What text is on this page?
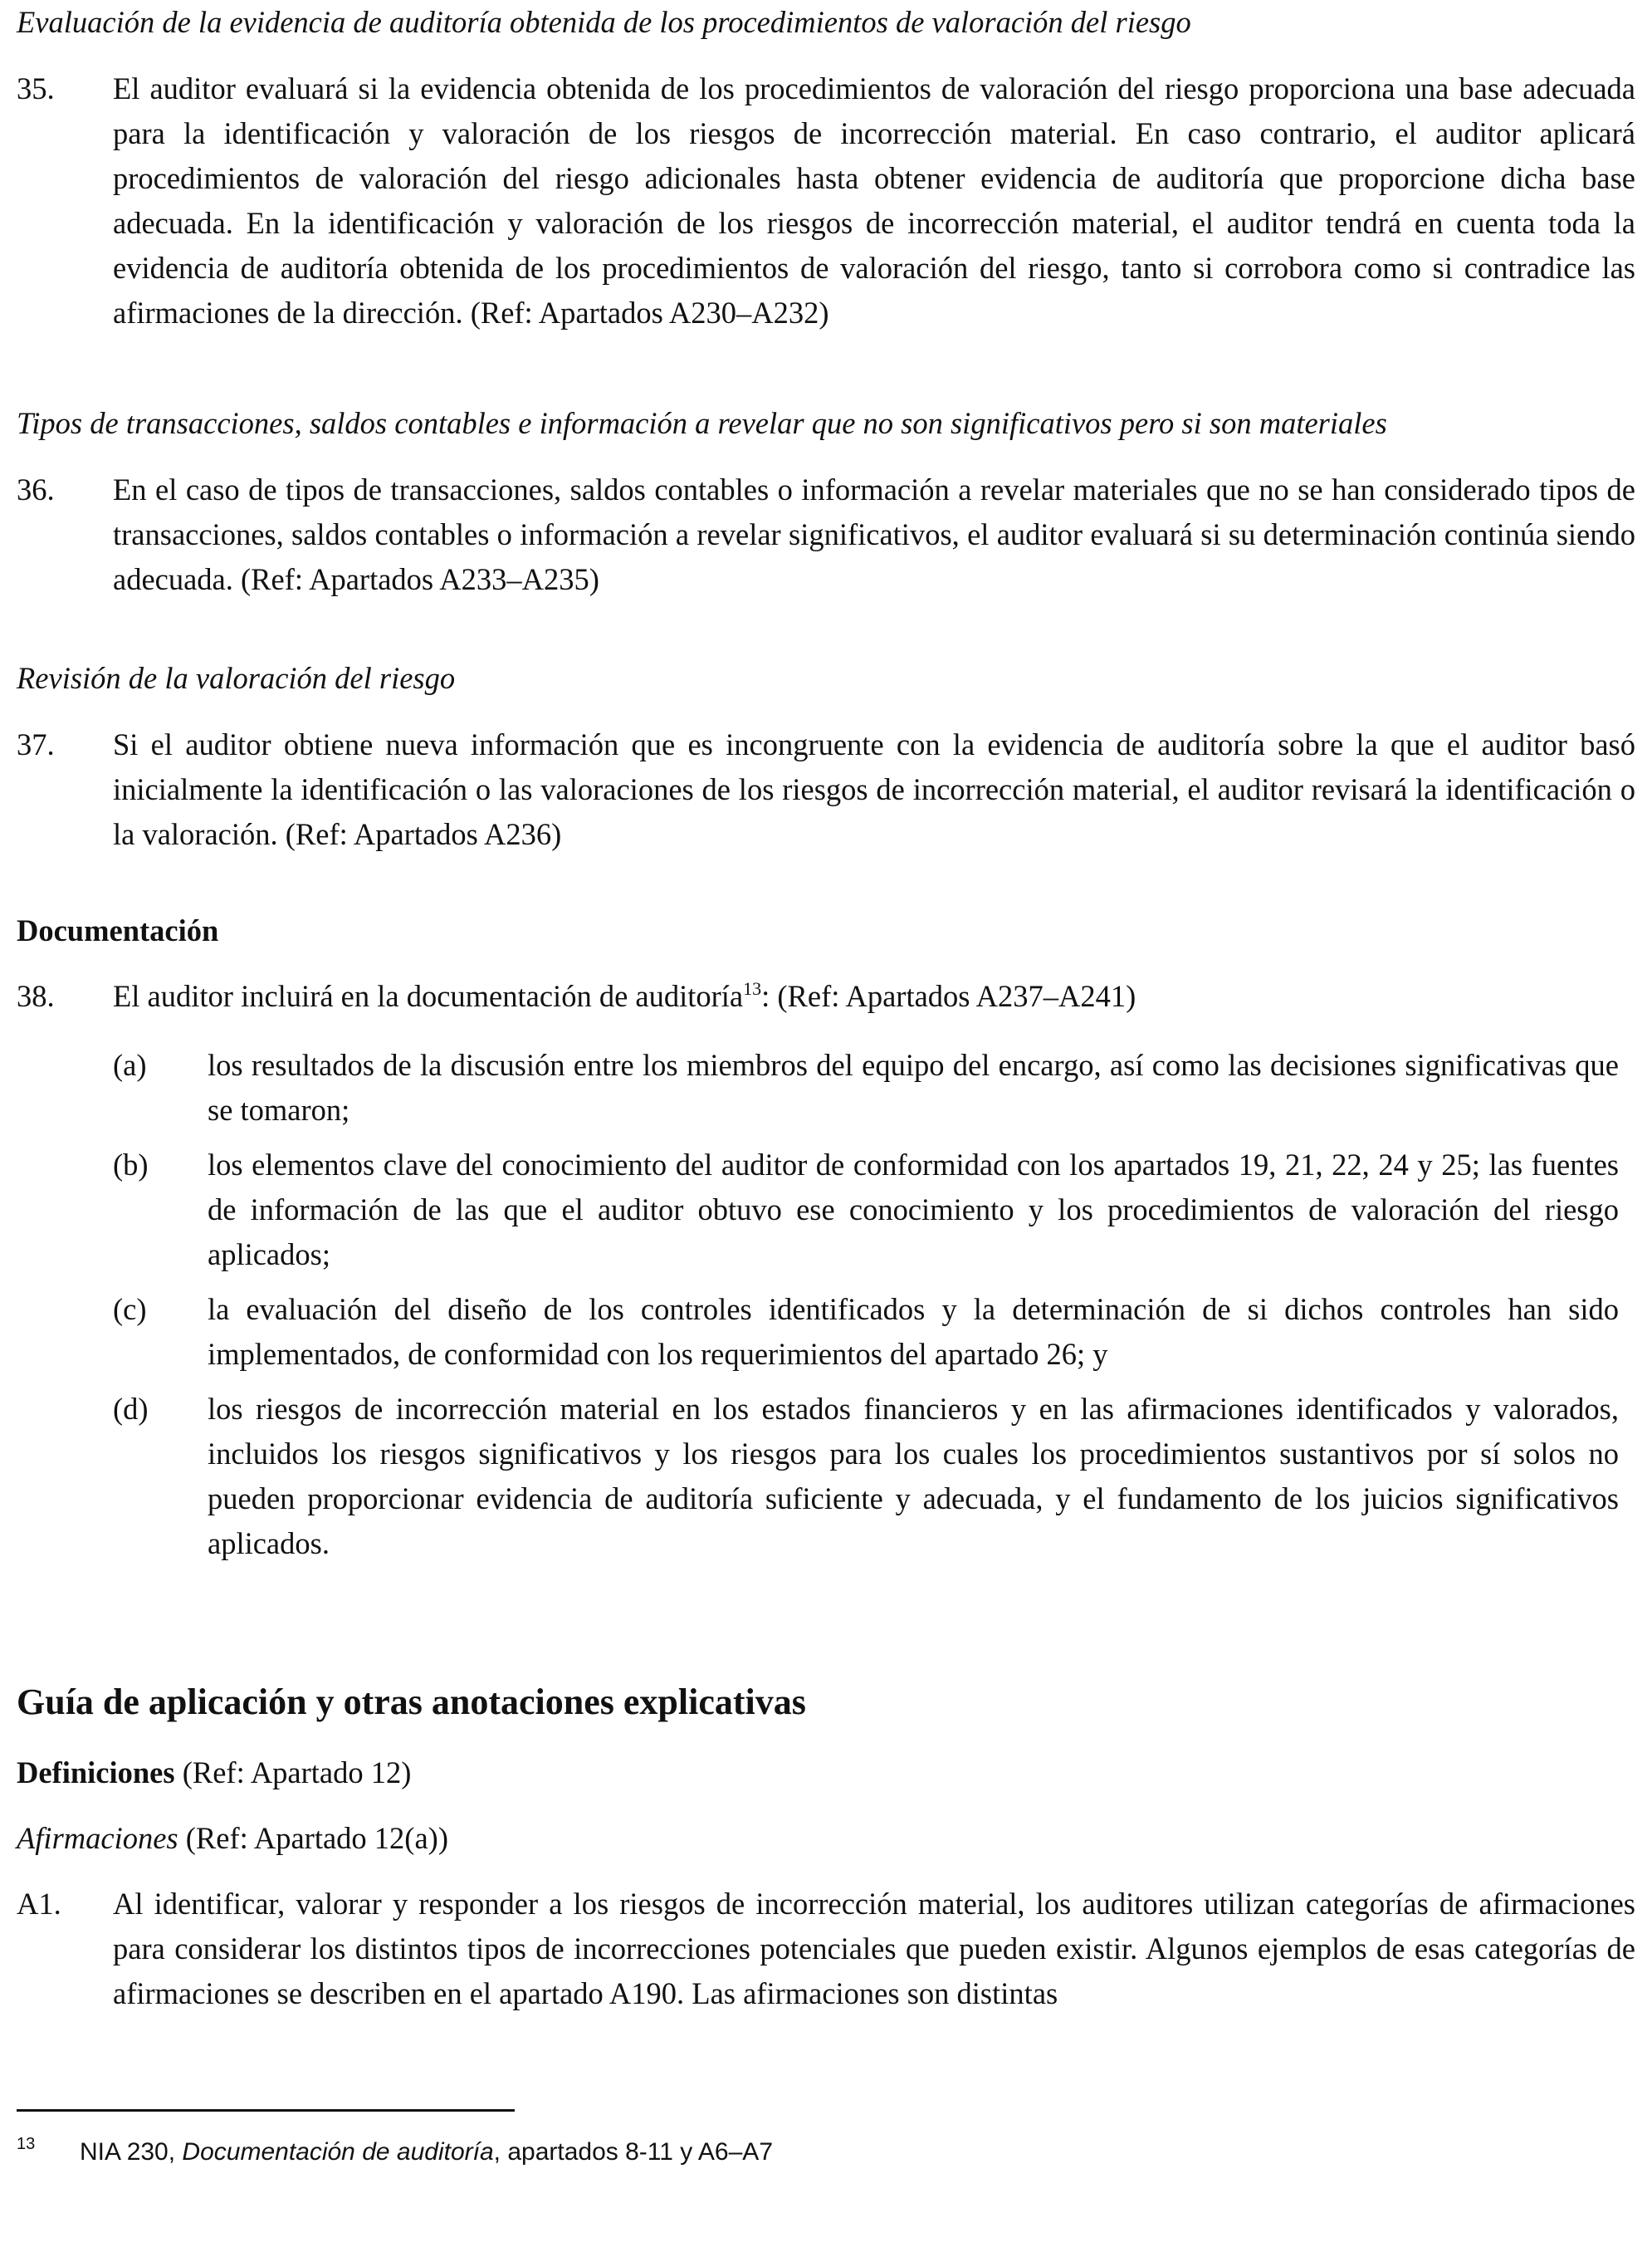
Evaluación de la evidencia de auditoría obtenida de los procedimientos de valoración del riesgo
35. El auditor evaluará si la evidencia obtenida de los procedimientos de valoración del riesgo proporciona una base adecuada para la identificación y valoración de los riesgos de incorrección material. En caso contrario, el auditor aplicará procedimientos de valoración del riesgo adicionales hasta obtener evidencia de auditoría que proporcione dicha base adecuada. En la identificación y valoración de los riesgos de incorrección material, el auditor tendrá en cuenta toda la evidencia de auditoría obtenida de los procedimientos de valoración del riesgo, tanto si corrobora como si contradice las afirmaciones de la dirección. (Ref: Apartados A230–A232)
Tipos de transacciones, saldos contables e información a revelar que no son significativos pero si son materiales
36. En el caso de tipos de transacciones, saldos contables o información a revelar materiales que no se han considerado tipos de transacciones, saldos contables o información a revelar significativos, el auditor evaluará si su determinación continúa siendo adecuada. (Ref: Apartados A233–A235)
Revisión de la valoración del riesgo
37. Si el auditor obtiene nueva información que es incongruente con la evidencia de auditoría sobre la que el auditor basó inicialmente la identificación o las valoraciones de los riesgos de incorrección material, el auditor revisará la identificación o la valoración. (Ref: Apartados A236)
Documentación
38. El auditor incluirá en la documentación de auditoría$^{13}$: (Ref: Apartados A237–A241)
(a) los resultados de la discusión entre los miembros del equipo del encargo, así como las decisiones significativas que se tomaron;
(b) los elementos clave del conocimiento del auditor de conformidad con los apartados 19, 21, 22, 24 y 25; las fuentes de información de las que el auditor obtuvo ese conocimiento y los procedimientos de valoración del riesgo aplicados;
(c) la evaluación del diseño de los controles identificados y la determinación de si dichos controles han sido implementados, de conformidad con los requerimientos del apartado 26; y
(d) los riesgos de incorrección material en los estados financieros y en las afirmaciones identificados y valorados, incluidos los riesgos significativos y los riesgos para los cuales los procedimientos sustantivos por sí solos no pueden proporcionar evidencia de auditoría suficiente y adecuada, y el fundamento de los juicios significativos aplicados.
Guía de aplicación y otras anotaciones explicativas
Definiciones (Ref: Apartado 12)
Afirmaciones (Ref: Apartado 12(a))
A1. Al identificar, valorar y responder a los riesgos de incorrección material, los auditores utilizan categorías de afirmaciones para considerar los distintos tipos de incorrecciones potenciales que pueden existir. Algunos ejemplos de esas categorías de afirmaciones se describen en el apartado A190. Las afirmaciones son distintas
13 NIA 230, Documentación de auditoría, apartados 8-11 y A6–A7
